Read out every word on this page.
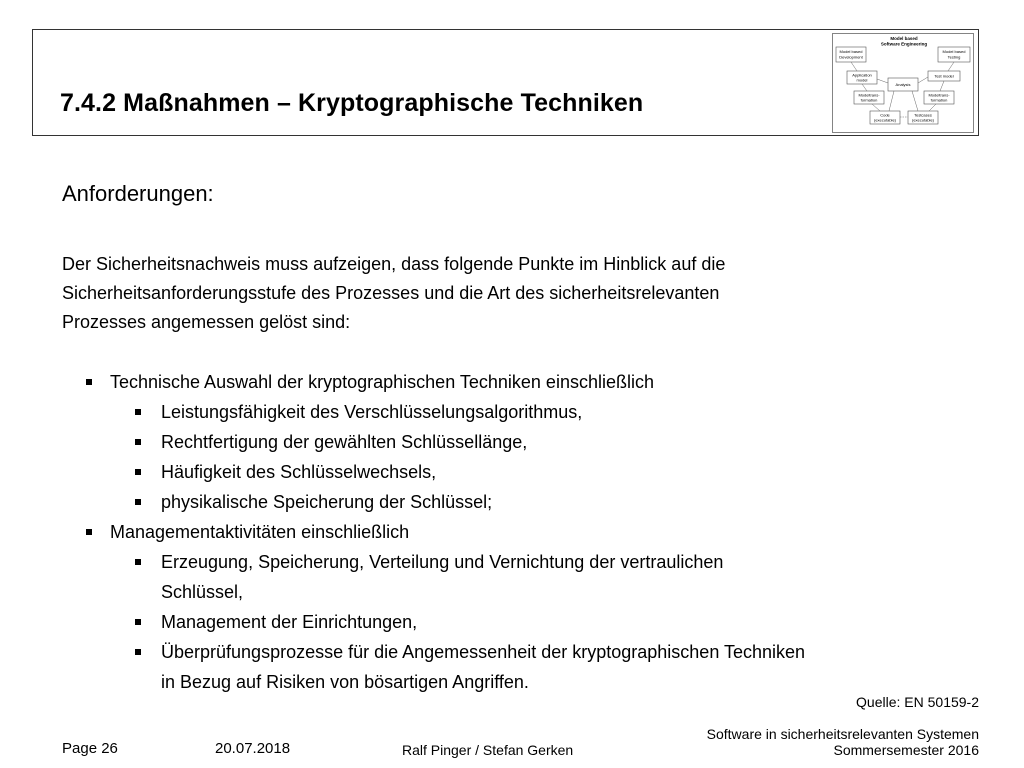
7.4.2 Maßnahmen – Kryptographische Techniken
Model based
Software Engineering
Model based
Development
Model based
Testing
Application
model
Test model
Analysis
Modeltrans-
formation
Modeltrans-
formation
Code
(executable)
Testcases
(executable)
Anforderungen:
Der Sicherheitsnachweis muss aufzeigen, dass folgende Punkte im Hinblick auf die
Sicherheitsanforderungsstufe des Prozesses und die Art des sicherheitsrelevanten
Prozesses angemessen gelöst sind:
Technische Auswahl der kryptographischen Techniken einschließlich
Leistungsfähigkeit des Verschlüsselungsalgorithmus,
Rechtfertigung der gewählten Schlüssellänge,
Häufigkeit des Schlüsselwechsels,
physikalische Speicherung der Schlüssel;
Managementaktivitäten einschließlich
Erzeugung, Speicherung, Verteilung und Vernichtung der vertraulichen
Schlüssel,
Management der Einrichtungen,
Überprüfungsprozesse für die Angemessenheit der kryptographischen Techniken
in Bezug auf Risiken von bösartigen Angriffen.
Quelle: EN 50159-2
Page 26	20.07.2018	Ralf Pinger / Stefan Gerken
Software in sicherheitsrelevanten Systemen
Sommersemester 2016
